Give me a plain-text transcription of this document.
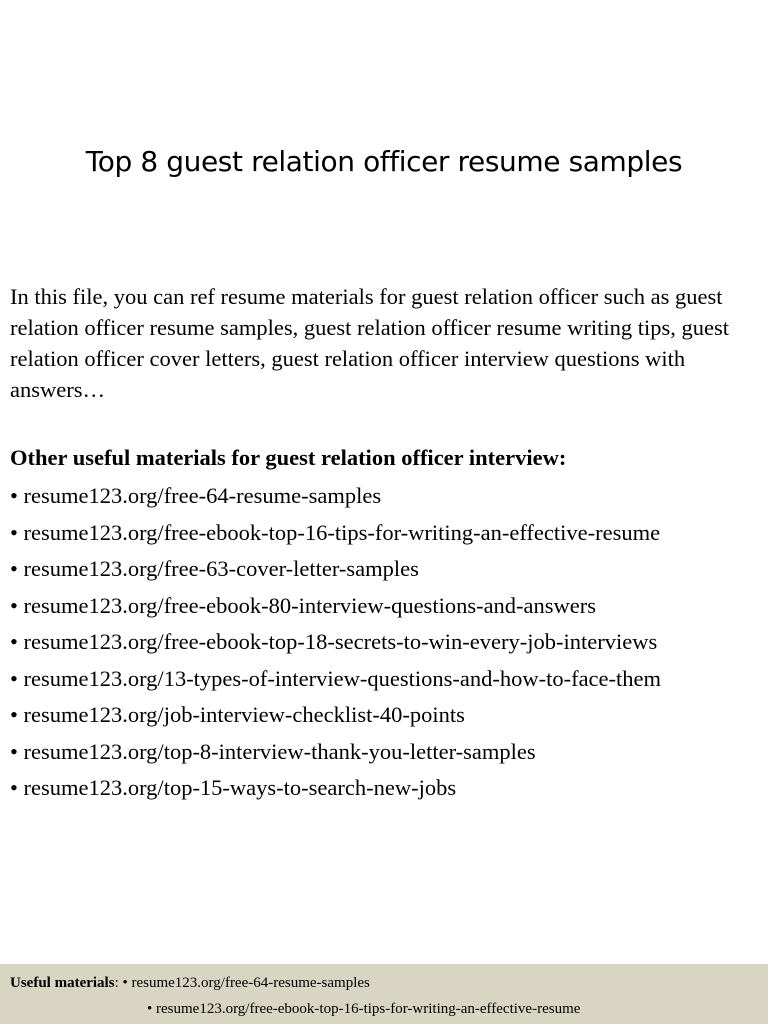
Top 8 guest relation officer resume samples

In this file, you can ref resume materials for guest relation officer such as guest relation officer resume samples, guest relation officer resume writing tips, guest relation officer cover letters, guest relation officer interview questions with answers…

Other useful materials for guest relation officer interview:

• resume123.org/free-64-resume-samples
• resume123.org/free-ebook-top-16-tips-for-writing-an-effective-resume
• resume123.org/free-63-cover-letter-samples
• resume123.org/free-ebook-80-interview-questions-and-answers
• resume123.org/free-ebook-top-18-secrets-to-win-every-job-interviews
• resume123.org/13-types-of-interview-questions-and-how-to-face-them
• resume123.org/job-interview-checklist-40-points
• resume123.org/top-8-interview-thank-you-letter-samples
• resume123.org/top-15-ways-to-search-new-jobs
Useful materials: • resume123.org/free-64-resume-samples
• resume123.org/free-ebook-top-16-tips-for-writing-an-effective-resume
